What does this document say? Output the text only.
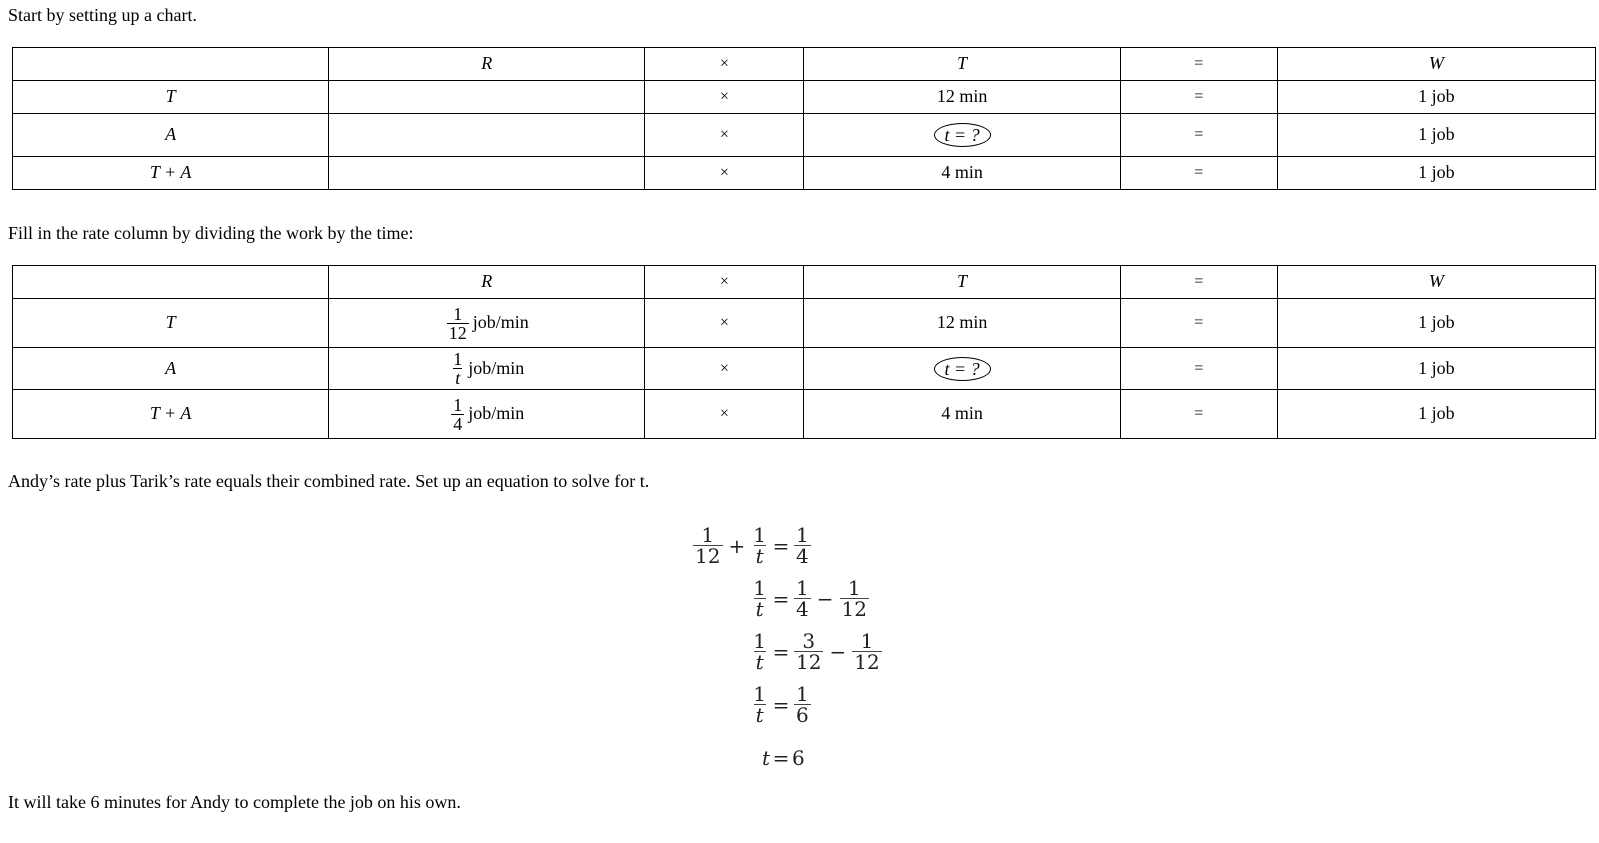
Start by setting up a chart.
	R	×	T	=	W
T		×	12 min	=	1 job
A		×	t = ?	=	1 job
T + A		×	4 min	=	1 job
Fill in the rate column by dividing the work by the time:
	R	×	T	=	W
T	$\frac{1}{12} job/\min$	×	12 min	=	1 job
A	$\frac{1}{t} job/\min$	×	t = ?	=	1 job
T + A	$\frac{1}{4} job/\min$	×	4 min	=	1 job
Andy’s rate plus Tarik’s rate equals their combined rate. Set up an equation to solve for t.
$\frac{1}{12} + \frac{1}{t} = \frac{1}{4}$
$\frac{1}{t} = \frac{1}{4} - \frac{1}{12}$
$\frac{1}{t} = \frac{3}{12} - \frac{1}{12}$
$\frac{1}{t} = \frac{1}{6}$
t = 6
It will take 6 minutes for Andy to complete the job on his own.
